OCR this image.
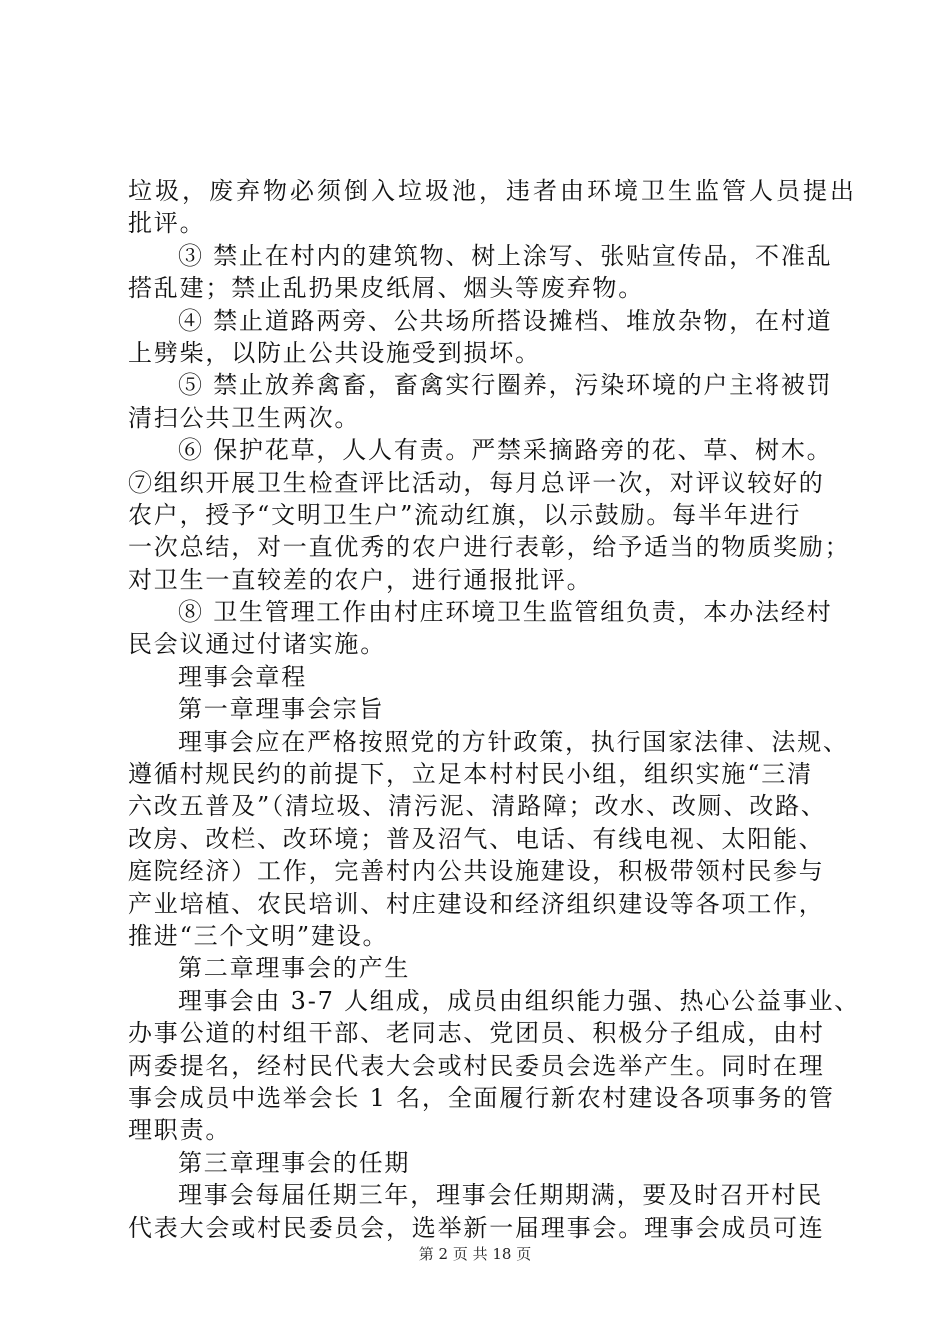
垃圾，废弃物必须倒入垃圾池，违者由环境卫生监管人员提出
批评。
③ 禁止在村内的建筑物、树上涂写、张贴宣传品，不准乱
搭乱建；禁止乱扔果皮纸屑、烟头等废弃物。
④ 禁止道路两旁、公共场所搭设摊档、堆放杂物，在村道
上劈柴，以防止公共设施受到损坏。
⑤ 禁止放养禽畜，畜禽实行圈养，污染环境的户主将被罚
清扫公共卫生两次。
⑥ 保护花草，人人有责。严禁采摘路旁的花、草、树木。
⑦组织开展卫生检查评比活动，每月总评一次，对评议较好的
农户，授予“文明卫生户”流动红旗，以示鼓励。每半年进行
一次总结，对一直优秀的农户进行表彰，给予适当的物质奖励；
对卫生一直较差的农户，进行通报批评。
⑧ 卫生管理工作由村庄环境卫生监管组负责，本办法经村
民会议通过付诸实施。
理事会章程
第一章理事会宗旨
理事会应在严格按照党的方针政策，执行国家法律、法规、
遵循村规民约的前提下，立足本村村民小组，组织实施“三清
六改五普及”（清垃圾、清污泥、清路障；改水、改厕、改路、
改房、改栏、改环境；普及沼气、电话、有线电视、太阳能、
庭院经济）工作，完善村内公共设施建设，积极带领村民参与
产业培植、农民培训、村庄建设和经济组织建设等各项工作，
推进“三个文明”建设。
第二章理事会的产生
理事会由 3-7 人组成，成员由组织能力强、热心公益事业、
办事公道的村组干部、老同志、党团员、积极分子组成，由村
两委提名，经村民代表大会或村民委员会选举产生。同时在理
事会成员中选举会长 1 名，全面履行新农村建设各项事务的管
理职责。
第三章理事会的任期
理事会每届任期三年，理事会任期期满，要及时召开村民
代表大会或村民委员会，选举新一届理事会。理事会成员可连
第 2 页 共 18 页
